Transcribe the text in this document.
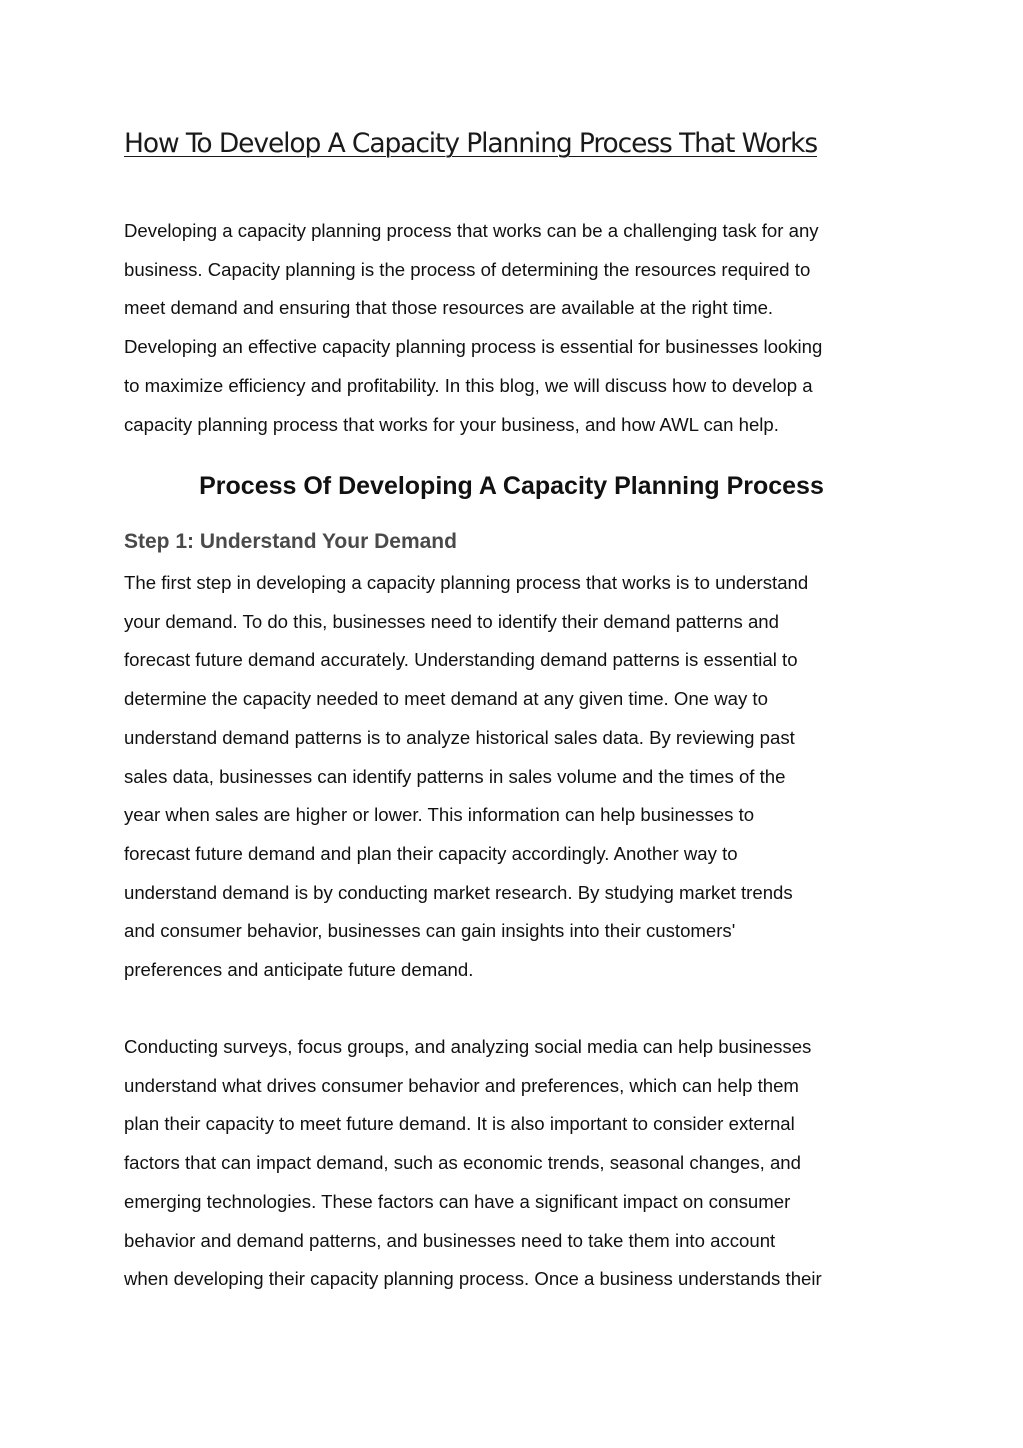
How To Develop A Capacity Planning Process That Works

Developing a capacity planning process that works can be a challenging task for any
business. Capacity planning is the process of determining the resources required to
meet demand and ensuring that those resources are available at the right time.
Developing an effective capacity planning process is essential for businesses looking
to maximize efficiency and profitability. In this blog, we will discuss how to develop a
capacity planning process that works for your business, and how AWL can help.

Process Of Developing A Capacity Planning Process
Step 1: Understand Your Demand

The first step in developing a capacity planning process that works is to understand
your demand. To do this, businesses need to identify their demand patterns and
forecast future demand accurately. Understanding demand patterns is essential to
determine the capacity needed to meet demand at any given time. One way to
understand demand patterns is to analyze historical sales data. By reviewing past
sales data, businesses can identify patterns in sales volume and the times of the
year when sales are higher or lower. This information can help businesses to
forecast future demand and plan their capacity accordingly. Another way to
understand demand is by conducting market research. By studying market trends
and consumer behavior, businesses can gain insights into their customers'
preferences and anticipate future demand.

Conducting surveys, focus groups, and analyzing social media can help businesses
understand what drives consumer behavior and preferences, which can help them
plan their capacity to meet future demand. It is also important to consider external
factors that can impact demand, such as economic trends, seasonal changes, and
emerging technologies. These factors can have a significant impact on consumer
behavior and demand patterns, and businesses need to take them into account
when developing their capacity planning process. Once a business understands their
